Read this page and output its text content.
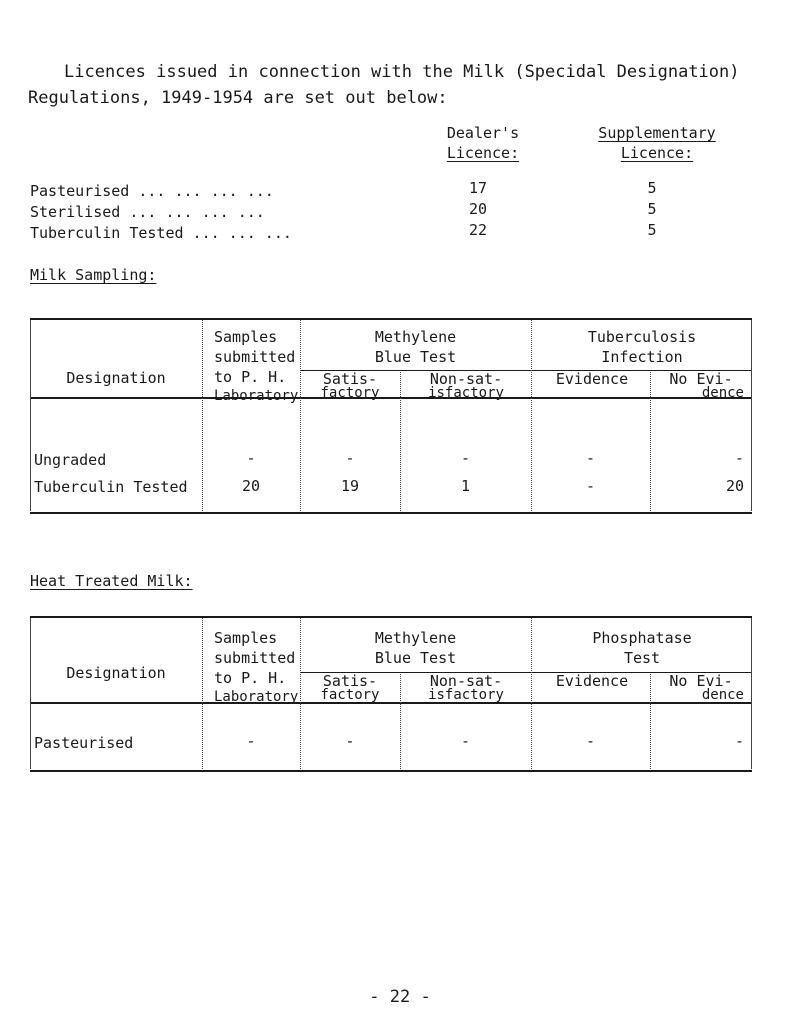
Licences issued in connection with the Milk (Specidal Designation)
Regulations, 1949-1954 are set out below:
Dealer's
Licence:
Supplementary
Licence:
Pasteurised ... ... ... ...	17	5
Sterilised ... ... ... ...	20	5
Tuberculin Tested ... ... ...	22	5
Milk Sampling:
Designation
Samples
submitted
to P. H.
Laboratory
Methylene
Blue Test
Satis-
factory
Non-sat-
isfactory
Tuberculosis
Infection
Evidence	No Evi-
dence
Ungraded	-	-	-	-	-
Tuberculin Tested	20	19	1	-	20
Heat Treated Milk:
Designation
Samples
submitted
to P. H.
Laboratory
Methylene
Blue Test
Satis-
factory
Non-sat-
isfactory
Phosphatase
Test
Evidence	No Evi-
dence
Pasteurised	-	-	-	-	-
- 22 -
